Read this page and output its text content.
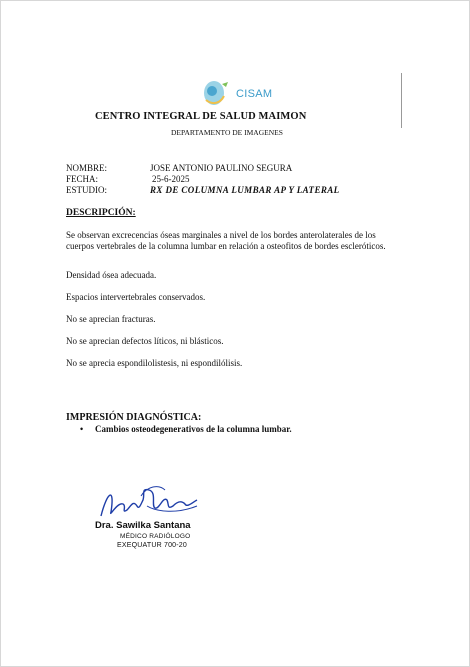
CISAM
CENTRO INTEGRAL DE SALUD MAIMON
DEPARTAMENTO DE IMAGENES
NOMBRE:	JOSE ANTONIO PAULINO SEGURA
FECHA:	25-6-2025
ESTUDIO:	RX DE COLUMNA LUMBAR AP Y LATERAL
DESCRIPCIÓN:
Se observan excrecencias óseas marginales a nivel de los bordes anterolaterales de los cuerpos vertebrales de la columna lumbar en relación a osteofitos de bordes escleróticos.
Densidad ósea adecuada.
Espacios intervertebrales conservados.
No se aprecian fracturas.
No se aprecian defectos líticos, ni blásticos.
No se aprecia espondilolistesis, ni espondilólisis.
IMPRESIÓN DIAGNÓSTICA:
• Cambios osteodegenerativos de la columna lumbar.
Dra. Sawilka Santana
MÉDICO RADIÓLOGO
EXEQUATUR 700-20
